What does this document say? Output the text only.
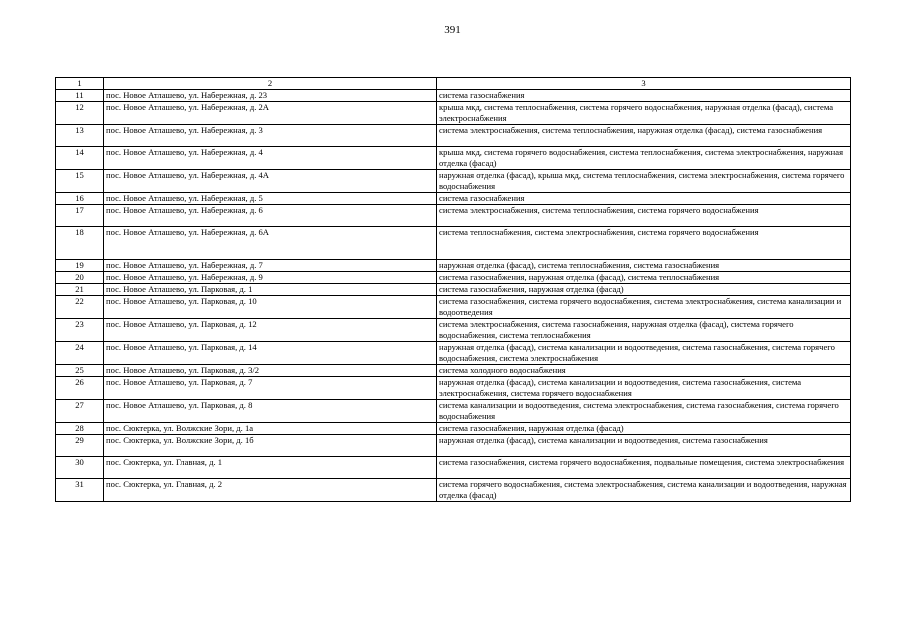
391
1	2	3
11	пос. Новое Атлашево, ул. Набережная, д. 23	система газоснабжения
12	пос. Новое Атлашево, ул. Набережная, д. 2А	крыша мкд, система теплоснабжения, система горячего водоснабжения, наружная отделка (фасад), система электроснабжения
13	пос. Новое Атлашево, ул. Набережная, д. 3	система электроснабжения, система теплоснабжения, наружная отделка (фасад), система газоснабжения
14	пос. Новое Атлашево, ул. Набережная, д. 4	крыша мкд, система горячего водоснабжения, система теплоснабжения, система электроснабжения, наружная отделка (фасад)
15	пос. Новое Атлашево, ул. Набережная, д. 4А	наружная отделка (фасад), крыша мкд, система теплоснабжения, система электроснабжения, система горячего водоснабжения
16	пос. Новое Атлашево, ул. Набережная, д. 5	система газоснабжения
17	пос. Новое Атлашево, ул. Набережная, д. 6	система электроснабжения, система теплоснабжения, система горячего водоснабжения
18	пос. Новое Атлашево, ул. Набережная, д. 6А	система теплоснабжения, система электроснабжения, система горячего водоснабжения
19	пос. Новое Атлашево, ул. Набережная, д. 7	наружная отделка (фасад), система теплоснабжения, система газоснабжения
20	пос. Новое Атлашево, ул. Набережная, д. 9	система газоснабжения, наружная отделка (фасад), система теплоснабжения
21	пос. Новое Атлашево, ул. Парковая, д. 1	система газоснабжения, наружная отделка (фасад)
22	пос. Новое Атлашево, ул. Парковая, д. 10	система газоснабжения, система горячего водоснабжения, система электроснабжения, система канализации и водоотведения
23	пос. Новое Атлашево, ул. Парковая, д. 12	система электроснабжения, система газоснабжения, наружная отделка (фасад), система горячего водоснабжения, система теплоснабжения
24	пос. Новое Атлашево, ул. Парковая, д. 14	наружная отделка (фасад), система канализации и водоотведения, система газоснабжения, система горячего водоснабжения, система электроснабжения
25	пос. Новое Атлашево, ул. Парковая, д. 3/2	система холодного водоснабжения
26	пос. Новое Атлашево, ул. Парковая, д. 7	наружная отделка (фасад), система канализации и водоотведения, система газоснабжения, система электроснабжения, система горячего водоснабжения
27	пос. Новое Атлашево, ул. Парковая, д. 8	система канализации и водоотведения, система электроснабжения, система газоснабжения, система горячего водоснабжения
28	пос. Сюктерка, ул. Волжские Зори, д. 1а	система газоснабжения, наружная отделка (фасад)
29	пос. Сюктерка, ул. Волжские Зори, д. 1б	наружная отделка (фасад), система канализации и водоотведения, система газоснабжения
30	пос. Сюктерка, ул. Главная, д. 1	система газоснабжения, система горячего водоснабжения, подвальные помещения, система электроснабжения
31	пос. Сюктерка, ул. Главная, д. 2	система горячего водоснабжения, система электроснабжения, система канализации и водоотведения, наружная отделка (фасад)
